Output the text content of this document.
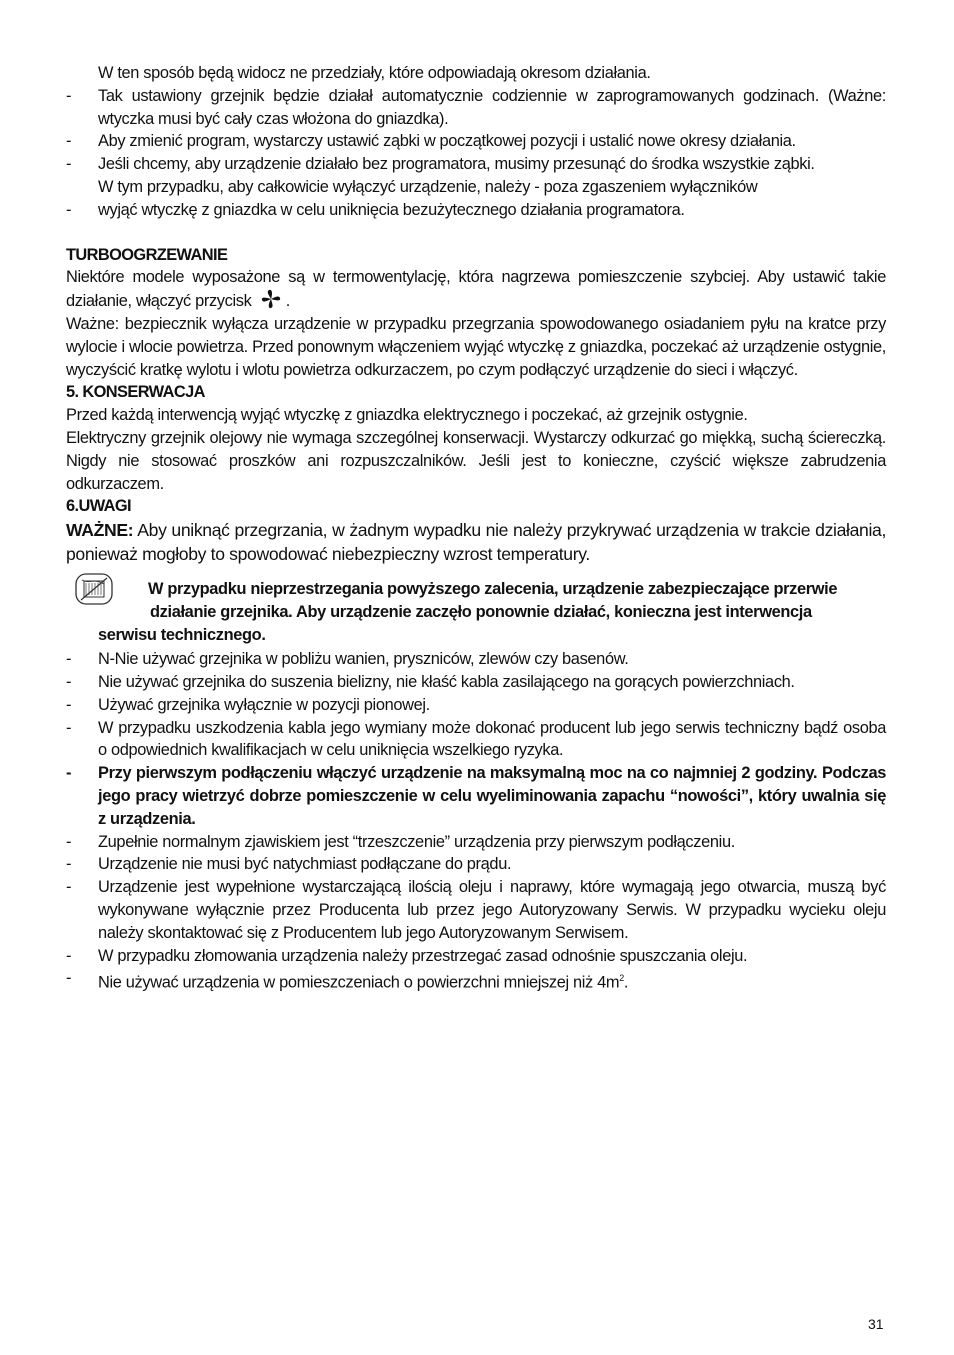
W ten sposób będą widocz ne przedziały, które odpowiadają okresom działania.
- Tak ustawiony grzejnik będzie działał automatycznie codziennie w zaprogramowanych godzinach. (Ważne: wtyczka musi być cały czas włożona do gniazdka).
- Aby zmienić program, wystarczy ustawić ząbki w początkowej pozycji i ustalić nowe okresy działania.
- Jeśli chcemy, aby urządzenie działało bez programatora, musimy przesunąć do środka wszystkie ząbki.
W tym przypadku, aby całkowicie wyłączyć urządzenie, należy - poza zgaszeniem wyłączników
- wyjąć wtyczkę z gniazdka w celu uniknięcia bezużytecznego działania programatora.
TURBOOGRZEWANIE
Niektóre modele wyposażone są w termowentylację, która nagrzewa pomieszczenie szybciej. Aby ustawić takie działanie, włączyć przycisk .
Ważne: bezpiecznik wyłącza urządzenie w przypadku przegrzania spowodowanego osiadaniem pyłu na kratce przy wylocie i wlocie powietrza. Przed ponownym włączeniem wyjąć wtyczkę z gniazdka, poczekać aż urządzenie ostygnie, wyczyścić kratkę wylotu i wlotu powietrza odkurzaczem, po czym podłączyć urządzenie do sieci i włączyć.
5. KONSERWACJA
Przed każdą interwencją wyjąć wtyczkę z gniazdka elektrycznego i poczekać, aż grzejnik ostygnie.
Elektryczny grzejnik olejowy nie wymaga szczególnej konserwacji. Wystarczy odkurzać go miękką, suchą ściereczką. Nigdy nie stosować proszków ani rozpuszczalników. Jeśli jest to konieczne, czyścić większe zabrudzenia odkurzaczem.
6.UWAGI
WAŻNE: Aby uniknąć przegrzania, w żadnym wypadku nie należy przykrywać urządzenia w trakcie działania, ponieważ mogłoby to spowodować niebezpieczny wzrost temperatury.
W przypadku nieprzestrzegania powyższego zalecenia, urządzenie zabezpieczające przerwie
działanie grzejnika. Aby urządzenie zaczęło ponownie działać, konieczna jest interwencja
serwisu technicznego.
- N-Nie używać grzejnika w pobliżu wanien, pryszniców, zlewów czy basenów.
- Nie używać grzejnika do suszenia bielizny, nie kłaść kabla zasilającego na gorących powierzchniach.
- Używać grzejnika wyłącznie w pozycji pionowej.
- W przypadku uszkodzenia kabla jego wymiany może dokonać producent lub jego serwis techniczny bądź osoba o odpowiednich kwalifikacjach w celu uniknięcia wszelkiego ryzyka.
- Przy pierwszym podłączeniu włączyć urządzenie na maksymalną moc na co najmniej 2 godziny. Podczas jego pracy wietrzyć dobrze pomieszczenie w celu wyeliminowania zapachu “nowości”, który uwalnia się z urządzenia.
- Zupełnie normalnym zjawiskiem jest “trzeszczenie” urządzenia przy pierwszym podłączeniu.
- Urządzenie nie musi być natychmiast podłączane do prądu.
- Urządzenie jest wypełnione wystarczającą ilością oleju i naprawy, które wymagają jego otwarcia, muszą być wykonywane wyłącznie przez Producenta lub przez jego Autoryzowany Serwis. W przypadku wycieku oleju należy skontaktować się z Producentem lub jego Autoryzowanym Serwisem.
- W przypadku złomowania urządzenia należy przestrzegać zasad odnośnie spuszczania oleju.
- Nie używać urządzenia w pomieszczeniach o powierzchni mniejszej niż $4m^2$.
31
